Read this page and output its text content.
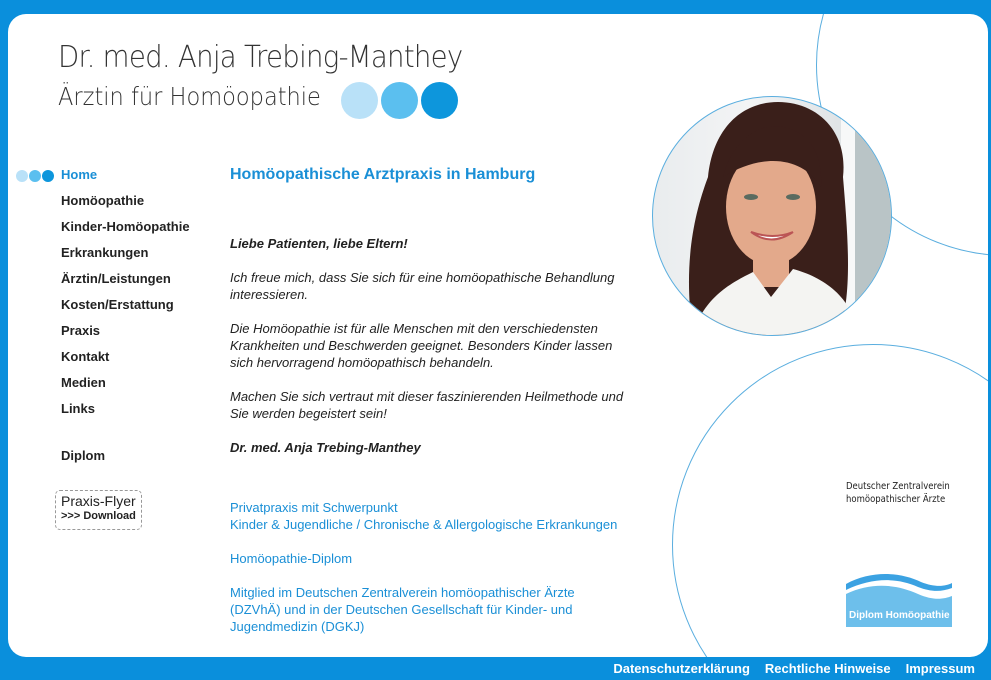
Dr. med. Anja Trebing-Manthey
Ärztin für Homöopathie
Home
Homöopathie
Kinder-Homöopathie
Erkrankungen
Ärztin/Leistungen
Kosten/Erstattung
Praxis
Kontakt
Medien
Links
Diplom
Praxis-Flyer
>>> Download
Homöopathische Arztpraxis in Hamburg
Liebe Patienten, liebe Eltern!
Ich freue mich, dass Sie sich für eine homöopathische Behandlung interessieren.
Die Homöopathie ist für alle Menschen mit den verschiedensten Krankheiten und Beschwerden geeignet. Besonders Kinder lassen sich hervorragend homöopathisch behandeln.
Machen Sie sich vertraut mit dieser faszinierenden Heilmethode und Sie werden begeistert sein!
Dr. med. Anja Trebing-Manthey
Privatpraxis mit Schwerpunkt
Kinder & Jugendliche / Chronische & Allergologische Erkrankungen
Homöopathie-Diplom
Mitglied im Deutschen Zentralverein homöopathischer Ärzte (DZVhÄ) und in der Deutschen Gesellschaft für Kinder- und Jugendmedizin (DGKJ)
Deutscher Zentralverein
homöopathischer Ärzte
Diplom Homöopathie
Datenschutzerklärung Rechtliche Hinweise Impressum
